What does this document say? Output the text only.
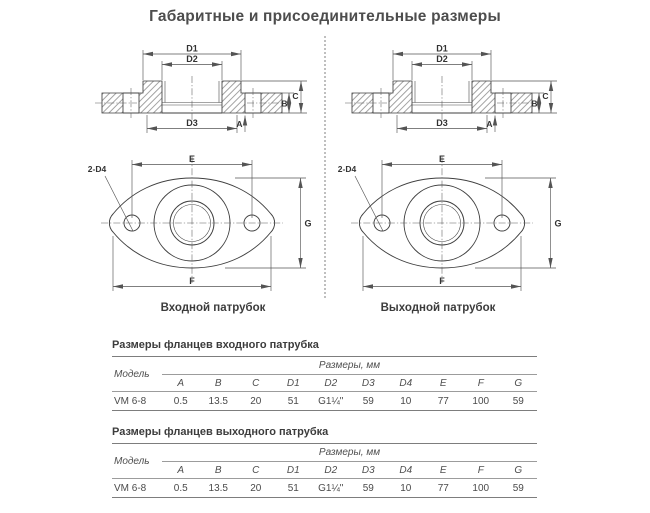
Габаритные и присоединительные размеры
D1
D2
D3	A
B
C
E
G
F
2-D4
D1
D2
D3	A
B
C
E
G
F
2-D4
Входной патрубок	Выходной патрубок
Размеры фланцев входного патрубка
Модель	Размеры, мм									
	A	B	C	D1	D2	D3	D4	E	F	G
VM 6-8	0.5	13.5	20	51	G1¼"	59	10	77	100	59
Размеры фланцев выходного патрубка
Модель	Размеры, мм									
	A	B	C	D1	D2	D3	D4	E	F	G
VM 6-8	0.5	13.5	20	51	G1¼"	59	10	77	100	59
